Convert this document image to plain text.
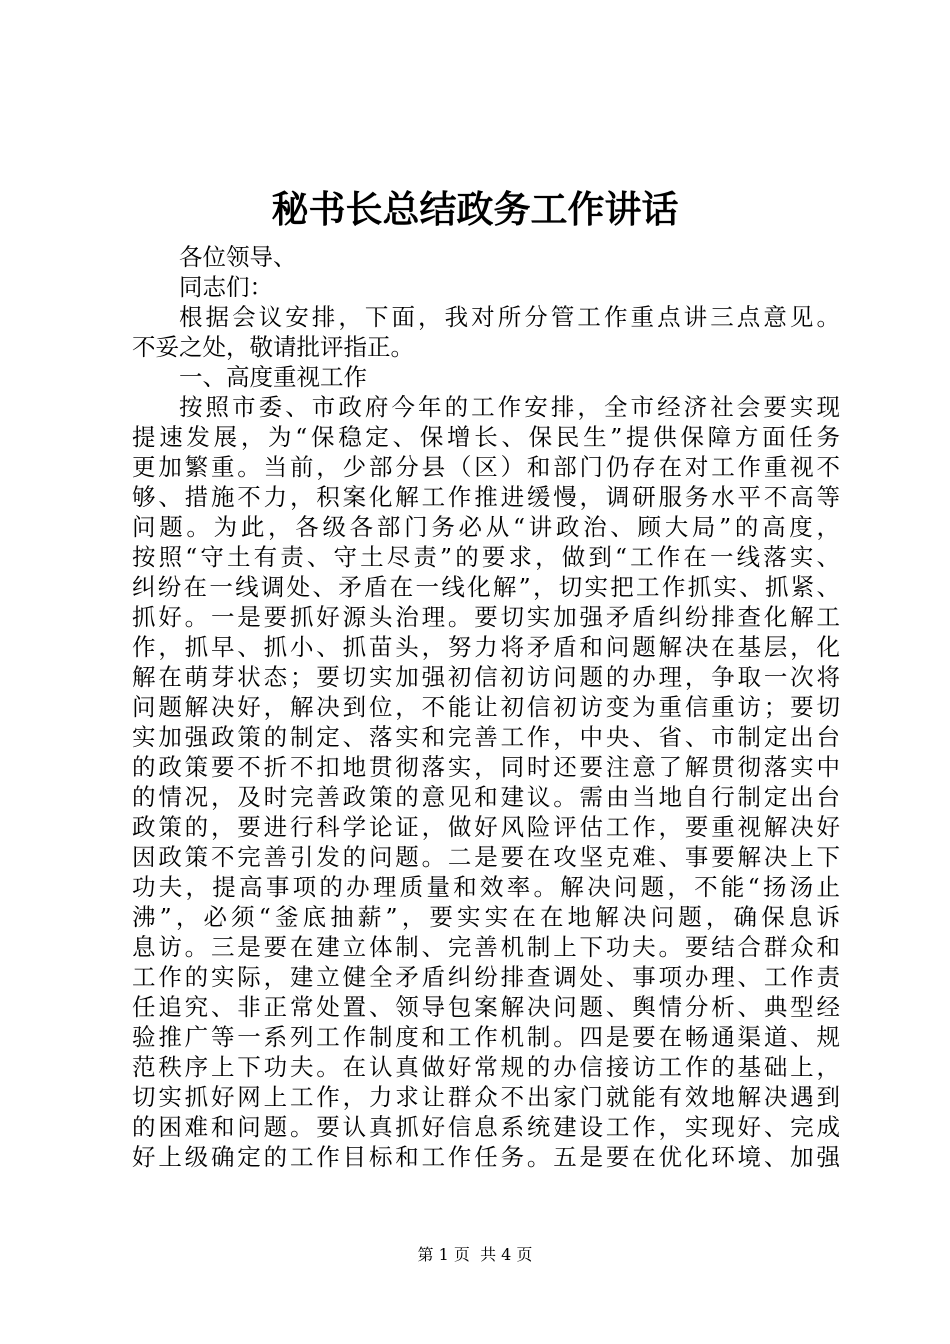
秘书长总结政务工作讲话
各位领导、
同志们：
根据会议安排，下面，我对所分管工作重点讲三点意见。
不妥之处，敬请批评指正。
一、高度重视工作
按照市委、市政府今年的工作安排，全市经济社会要实现
提速发展，为“保稳定、保增长、保民生”提供保障方面任务
更加繁重。当前，少部分县（区）和部门仍存在对工作重视不
够、措施不力，积案化解工作推进缓慢，调研服务水平不高等
问题。为此，各级各部门务必从“讲政治、顾大局”的高度，
按照“守土有责、守土尽责”的要求，做到“工作在一线落实、
纠纷在一线调处、矛盾在一线化解”，切实把工作抓实、抓紧、
抓好。一是要抓好源头治理。要切实加强矛盾纠纷排查化解工
作，抓早、抓小、抓苗头，努力将矛盾和问题解决在基层，化
解在萌芽状态；要切实加强初信初访问题的办理，争取一次将
问题解决好，解决到位，不能让初信初访变为重信重访；要切
实加强政策的制定、落实和完善工作，中央、省、市制定出台
的政策要不折不扣地贯彻落实，同时还要注意了解贯彻落实中
的情况，及时完善政策的意见和建议。需由当地自行制定出台
政策的，要进行科学论证，做好风险评估工作，要重视解决好
因政策不完善引发的问题。二是要在攻坚克难、事要解决上下
功夫，提高事项的办理质量和效率。解决问题，不能“扬汤止
沸”，必须“釜底抽薪”，要实实在在地解决问题，确保息诉
息访。三是要在建立体制、完善机制上下功夫。要结合群众和
工作的实际，建立健全矛盾纠纷排查调处、事项办理、工作责
任追究、非正常处置、领导包案解决问题、舆情分析、典型经
验推广等一系列工作制度和工作机制。四是要在畅通渠道、规
范秩序上下功夫。在认真做好常规的办信接访工作的基础上，
切实抓好网上工作，力求让群众不出家门就能有效地解决遇到
的困难和问题。要认真抓好信息系统建设工作，实现好、完成
好上级确定的工作目标和工作任务。五是要在优化环境、加强
第 1 页  共 4 页
